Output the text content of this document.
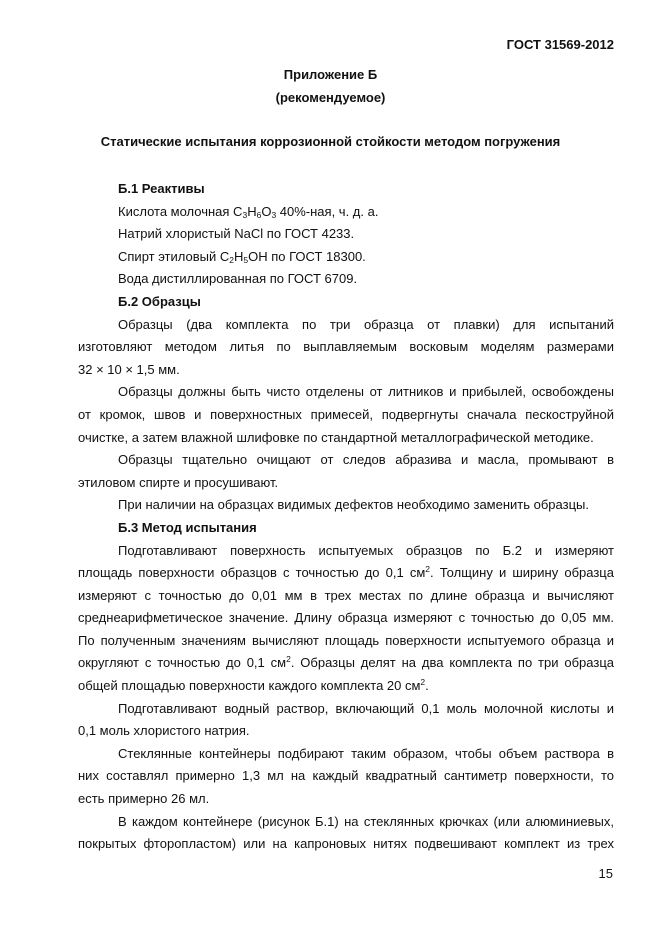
ГОСТ 31569-2012
Приложение Б
(рекомендуемое)
Статические испытания коррозионной стойкости методом погружения

Б.1 Реактивы

Кислота молочная $C_3H_6O_3$ 40%-ная, ч. д. а.

Натрий хлористый NaCl по ГОСТ 4233.

Спирт этиловый $C_2H_5OH$ по ГОСТ 18300.

Вода дистиллированная по ГОСТ 6709.

Б.2 Образцы

Образцы (два комплекта по три образца от плавки) для испытаний

изготовляют методом литья по выплавляемым восковым моделям размерами

32 × 10 × 1,5 мм.

Образцы должны быть чисто отделены от литников и прибылей, освобождены

от кромок, швов и поверхностных примесей, подвергнуты сначала пескоструйной

очистке, а затем влажной шлифовке по стандартной металлографической методике.

Образцы тщательно очищают от следов абразива и масла, промывают в

этиловом спирте и просушивают.

При наличии на образцах видимых дефектов необходимо заменить образцы.

Б.3 Метод испытания

Подготавливают поверхность испытуемых образцов по Б.2 и измеряют

площадь поверхности образцов с точностью до 0,1 $см^2$. Толщину и ширину образца

измеряют с точностью до 0,01 мм в трех местах по длине образца и вычисляют

среднеарифметическое значение. Длину образца измеряют с точностью до 0,05 мм.

По полученным значениям вычисляют площадь поверхности испытуемого образца и

округляют с точностью до 0,1 $см^2$. Образцы делят на два комплекта по три образца

общей площадью поверхности каждого комплекта 20 $см^2$.

Подготавливают водный раствор, включающий 0,1 моль молочной кислоты и

0,1 моль хлористого натрия.

Стеклянные контейнеры подбирают таким образом, чтобы объем раствора в

них составлял примерно 1,3 мл на каждый квадратный сантиметр поверхности, то

есть примерно 26 мл.

В каждом контейнере (рисунок Б.1) на стеклянных крючках (или алюминиевых,

покрытых фторопластом) или на капроновых нитях подвешивают комплект из трех

15
